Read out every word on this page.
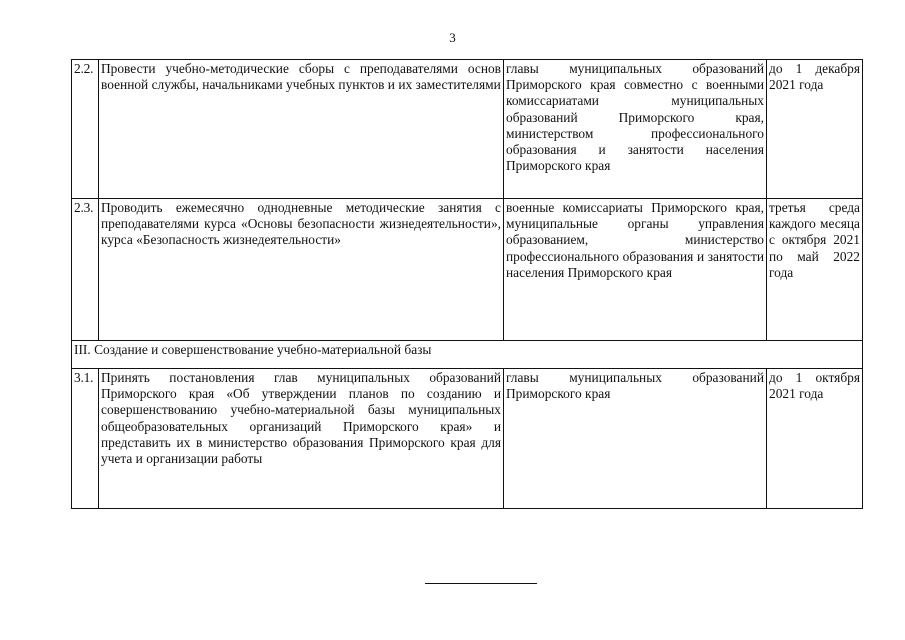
3
2.2.	Провести учебно-методические сборы с преподавателями основ военной службы, начальниками учебных пунктов и их заместителями	главы муниципальных образований Приморского края совместно с военными комиссариатами муниципальных образований Приморского края, министерством профессионального образования и занятости населения Приморского края	до 1 декабря 2021 года
2.3.	Проводить ежемесячно однодневные методические занятия с преподавателями курса «Основы безопасности жизнедеятельности», курса «Безопасность жизнедеятельности»	военные комиссариаты Приморского края, муниципальные органы управления образованием, министерство профессионального образования и занятости населения Приморского края	третья среда каждого месяца с октября 2021 по май 2022 года
III. Создание и совершенствование учебно-материальной базы			
3.1.	Принять постановления глав муниципальных образований Приморского края «Об утверждении планов по созданию и совершенствованию учебно-материальной базы муниципальных общеобразовательных организаций Приморского края» и представить их в министерство образования Приморского края для учета и организации работы	главы муниципальных образований Приморского края	до 1 октября 2021 года
